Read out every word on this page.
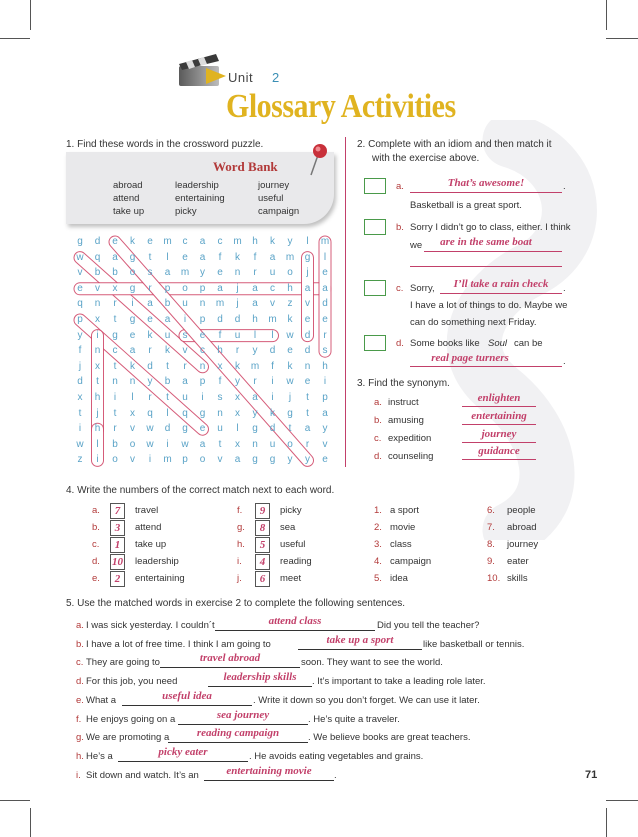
Unit 2
Glossary Activities
1. Find these words in the crossword puzzle.
Word Bank
abroad
attend
take up
leadership
entertaining
picky
journey
useful
campaign
g	d	e	k	e	m	c	a	c	m	h	k	y	l	m
w	q	a	g	t	l	e	a	f	k	f	a	m	g	l
v	b	b	o	s	a	m	y	e	n	r	u	o	j	e
e	v	x	g	r	p	o	p	a	j	a	c	h	a	a
q	n	r	i	a	b	u	n	m	j	a	v	z	v	d
p	x	t	g	e	a	i	p	d	d	h	m	k	e	e
y	i	g	e	k	u	s	e	f	u	l	l	w	d	r
f	n	c	a	r	k	v	c	h	r	y	d	e	d	s
j	x	t	k	d	t	r	n	x	k	m	f	k	n	h
d	t	n	n	y	b	a	p	f	y	r	i	w	e	i
x	h	i	l	r	t	u	i	s	x	a	i	j	t	p
t	j	t	x	q	l	q	g	n	x	y	k	g	t	a
i	h	r	v	w	d	g	e	u	l	g	d	t	a	y
w	l	b	o	w	i	w	a	t	x	n	u	o	r	v
z	i	o	v	i	m	p	o	v	a	g	g	y	y	e
2. Complete with an idiom and then match it
with the exercise above.
a.	That’s awesome!	.
Basketball is a great sport.
b. Sorry I didn’t go to class, either. I think
we	are in the same boat
c. Sorry,	I’ll take a rain check	.
I have a lot of things to do. Maybe we
can do something next Friday.
d. Some books like Soul can be
real page turners	.
3. Find the synonym.
a. instruct	enlighten
b. amusing	entertaining
c. expedition	journey
d. counseling	guidance
4. Write the numbers of the correct match next to each word.
a.	7	travel
b.	3	attend
c.	1	take up
d. 10 leadership
e.	2	entertaining
f.	9	picky
g.	8	sea
h.	5	useful
i.	4	reading
j.	6	meet
1. a sport
2. movie
3. class
4. campaign
5. idea
6. people
7. abroad
8. journey
9. eater
10. skills
5. Use the matched words in exercise 2 to complete the following sentences.
a. I was sick yesterday. I couldn´t	attend class	Did you tell the teacher?
b. I have a lot of free time. I think I am going to	take up a sport	like basketball or tennis.
c. They are going to	travel abroad	soon. They want to see the world.
d. For this job, you need	leadership skills	. It’s important to take a leading role later.
e. What a	useful idea	. Write it down so you don’t forget. We can use it later.
f. He enjoys going on a	sea journey	. He’s quite a traveler.
g. We are promoting a	reading campaign	. We believe books are great teachers.
h. He’s a	picky eater	. He avoids eating vegetables and grains.
i. Sit down and watch. It’s an	entertaining movie	.	71
